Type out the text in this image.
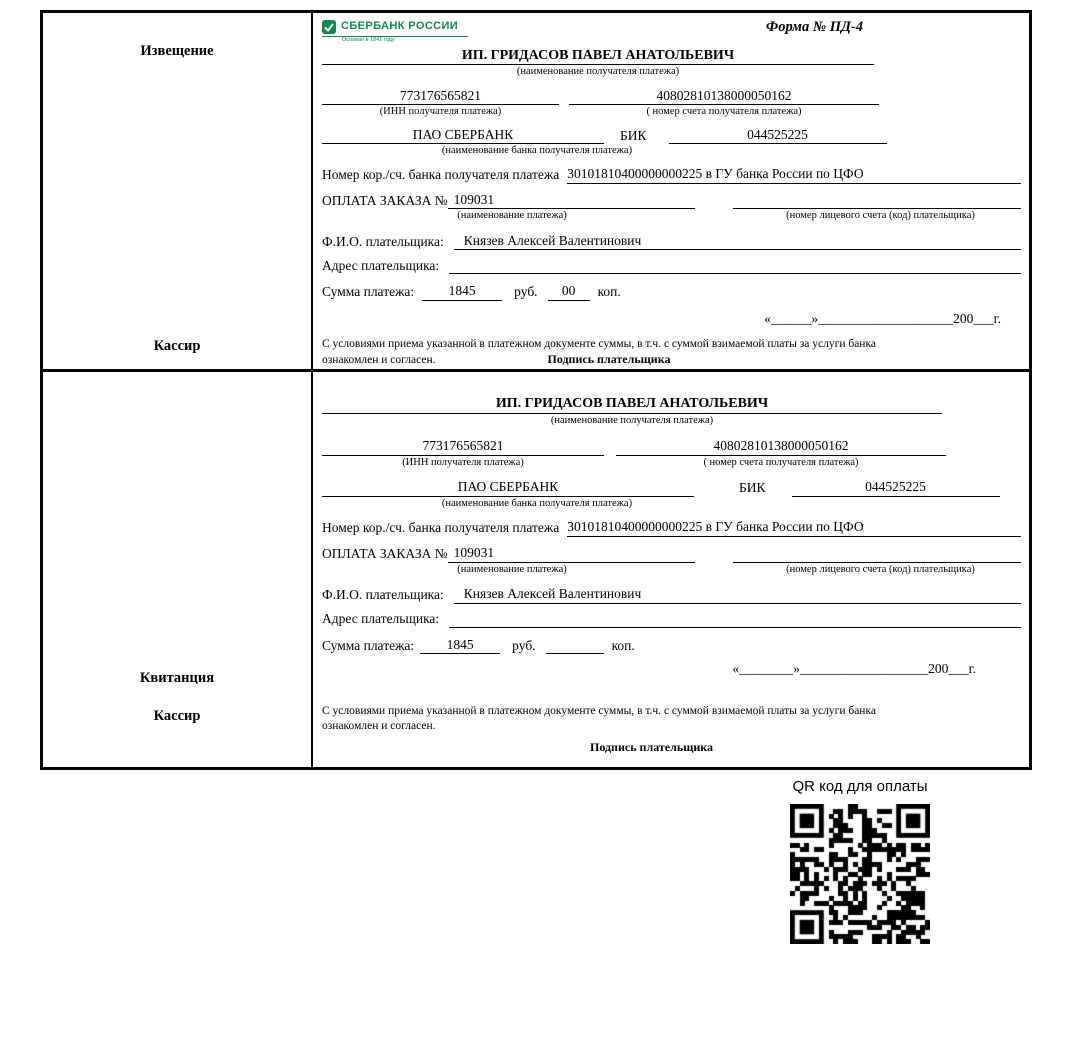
Извещение
Кассир
СБЕРБАНК РОССИИ
Основан в 1841 году
Форма № ПД-4
ИП. ГРИДАСОВ ПАВЕЛ АНАТОЛЬЕВИЧ
(наименование получателя платежа)
773176565821	40802810138000050162
(ИНН получателя платежа)	( номер счета получателя платежа)
ПАО СБЕРБАНК	БИК	044525225
(наименование банка получателя платежа)
Номер кор./сч. банка получателя платежа 30101810400000000225 в ГУ банка России по ЦФО
ОПЛАТА ЗАКАЗА № 109031
(наименование платежа)	(номер лицевого счета (код) плательщика)
Ф.И.О. плательщика:	Князев Алексей Валентинович
Адрес плательщика:
Сумма платежа:	1845	руб.	00	коп.
«______»____________________200___г.
С условиями приема указанной в платежном документе суммы, в т.ч. с суммой взимаемой платы за услуги банка
ознакомлен и согласен.	Подпись плательщика
Квитанция
Кассир
ИП. ГРИДАСОВ ПАВЕЛ АНАТОЛЬЕВИЧ
(наименование получателя платежа)
773176565821	40802810138000050162
(ИНН получателя платежа)	( номер счета получателя платежа)
ПАО СБЕРБАНК	БИК	044525225
(наименование банка получателя платежа)
Номер кор./сч. банка получателя платежа 30101810400000000225 в ГУ банка России по ЦФО
ОПЛАТА ЗАКАЗА № 109031
(наименование платежа)	(номер лицевого счета (код) плательщика)
Ф.И.О. плательщика:	Князев Алексей Валентинович
Адрес плательщика:
Сумма платежа:	1845	руб.	коп.
«________»___________________200___г.
С условиями приема указанной в платежном документе суммы, в т.ч. с суммой взимаемой платы за услуги банка
ознакомлен и согласен.
Подпись плательщика
QR код для оплаты
